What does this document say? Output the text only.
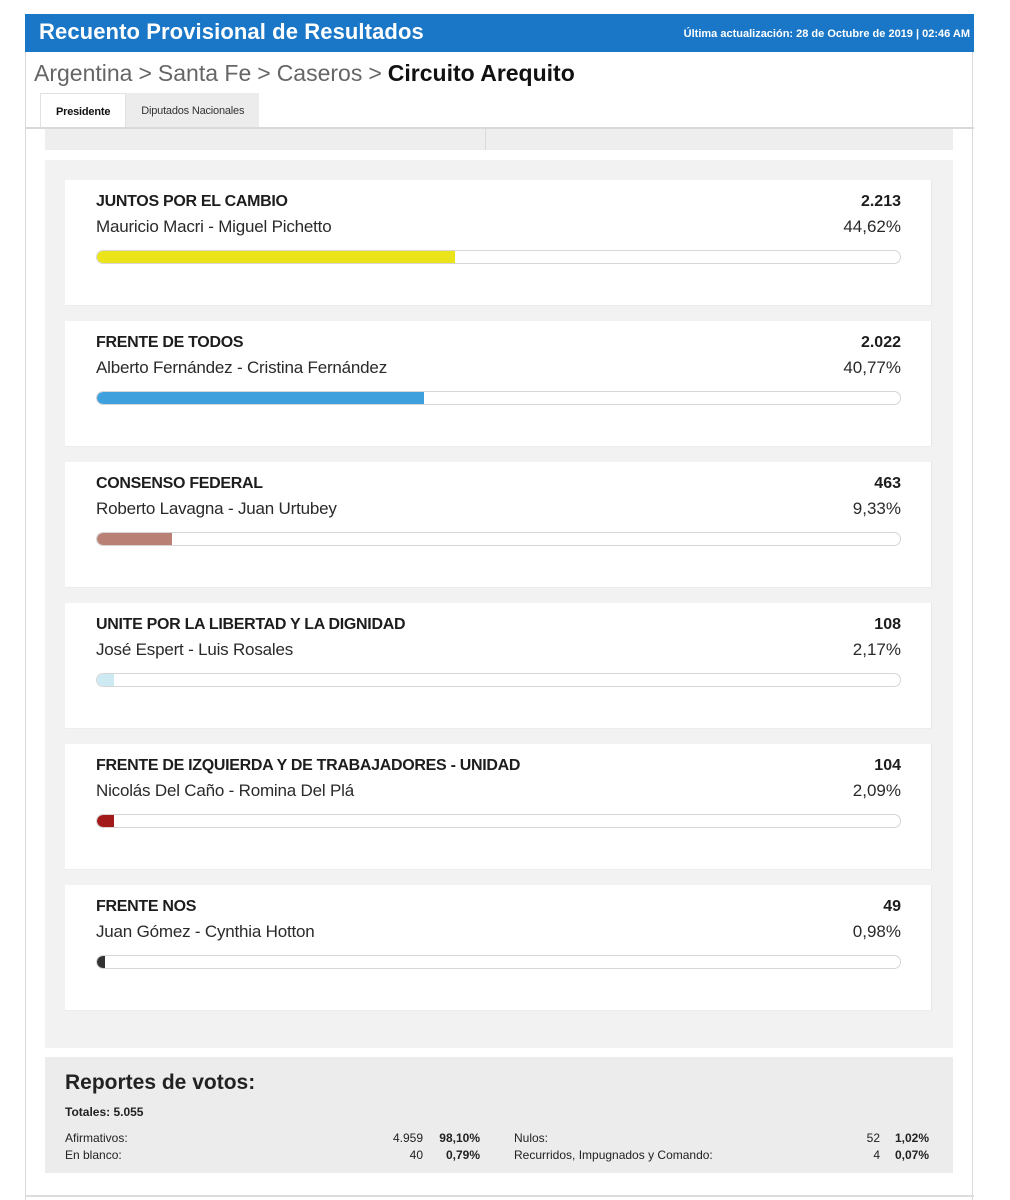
Recuento Provisional de Resultados	Última actualización: 28 de Octubre de 2019 | 02:46 AM
Argentina > Santa Fe > Caseros > Circuito Arequito
Presidente	Diputados Nacionales
JUNTOS POR EL CAMBIO
Mauricio Macri - Miguel Pichetto
2.213
44,62%
FRENTE DE TODOS
Alberto Fernández - Cristina Fernández
2.022
40,77%
CONSENSO FEDERAL
Roberto Lavagna - Juan Urtubey
463
9,33%
UNITE POR LA LIBERTAD Y LA DIGNIDAD
José Espert - Luis Rosales
108
2,17%
FRENTE DE IZQUIERDA Y DE TRABAJADORES - UNIDAD
Nicolás Del Caño - Romina Del Plá
104
2,09%
FRENTE NOS
Juan Gómez - Cynthia Hotton
49
0,98%
Reportes de votos:
Totales: 5.055
Afirmativos:	4.959	98,10%
En blanco:	40	0,79%
Nulos:	52	1,02%
Recurridos, Impugnados y Comando:	4	0,07%
